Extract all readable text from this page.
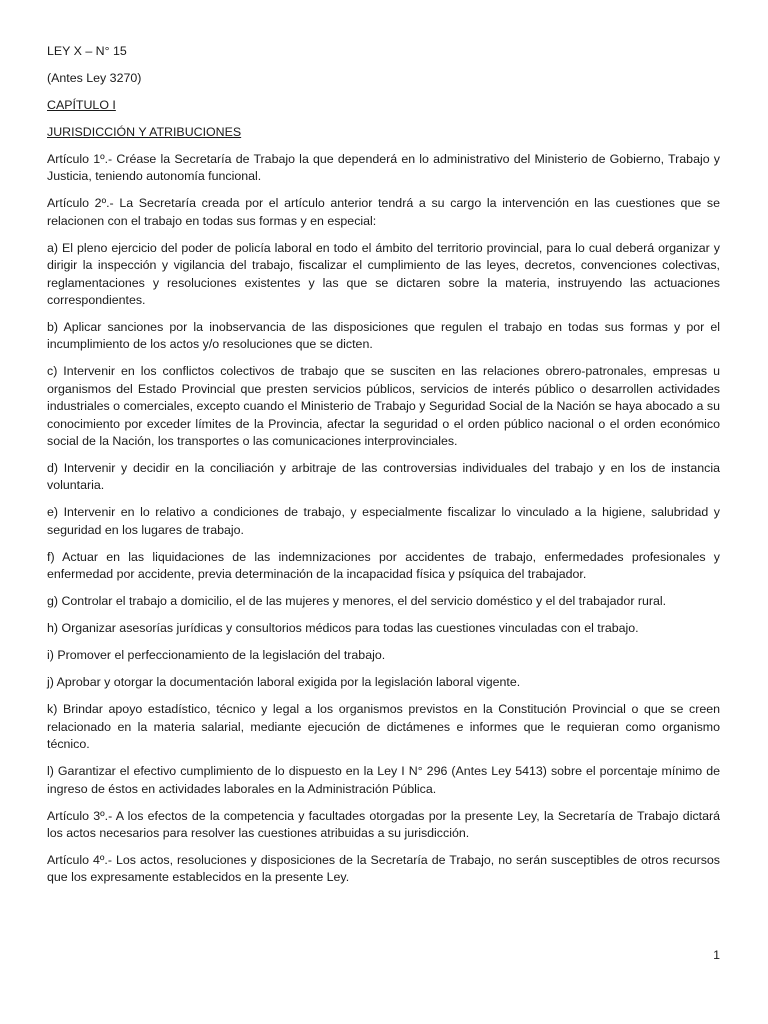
LEY X – N° 15
(Antes Ley 3270)
CAPÍTULO I
JURISDICCIÓN Y ATRIBUCIONES

Artículo 1º.- Créase la Secretaría de Trabajo la que dependerá en lo administrativo del Ministerio de Gobierno, Trabajo y Justicia, teniendo autonomía funcional.

Artículo 2º.- La Secretaría creada por el artículo anterior tendrá a su cargo la intervención en las cuestiones que se relacionen con el trabajo en todas sus formas y en especial:

a) El pleno ejercicio del poder de policía laboral en todo el ámbito del territorio provincial, para lo cual deberá organizar y dirigir la inspección y vigilancia del trabajo, fiscalizar el cumplimiento de las leyes, decretos, convenciones colectivas, reglamentaciones y resoluciones existentes y las que se dictaren sobre la materia, instruyendo las actuaciones correspondientes.

b) Aplicar sanciones por la inobservancia de las disposiciones que regulen el trabajo en todas sus formas y por el incumplimiento de los actos y/o resoluciones que se dicten.

c) Intervenir en los conflictos colectivos de trabajo que se susciten en las relaciones obrero-patronales, empresas u organismos del Estado Provincial que presten servicios públicos, servicios de interés público o desarrollen actividades industriales o comerciales, excepto cuando el Ministerio de Trabajo y Seguridad Social de la Nación se haya abocado a su conocimiento por exceder límites de la Provincia, afectar la seguridad o el orden público nacional o el orden económico social de la Nación, los transportes o las comunicaciones interprovinciales.

d) Intervenir y decidir en la conciliación y arbitraje de las controversias individuales del trabajo y en los de instancia voluntaria.

e) Intervenir en lo relativo a condiciones de trabajo, y especialmente fiscalizar lo vinculado a la higiene, salubridad y seguridad en los lugares de trabajo.

f) Actuar en las liquidaciones de las indemnizaciones por accidentes de trabajo, enfermedades profesionales y enfermedad por accidente, previa determinación de la incapacidad física y psíquica del trabajador.

g) Controlar el trabajo a domicilio, el de las mujeres y menores, el del servicio doméstico y el del trabajador rural.

h) Organizar asesorías jurídicas y consultorios médicos para todas las cuestiones vinculadas con el trabajo.

i) Promover el perfeccionamiento de la legislación del trabajo.

j) Aprobar y otorgar la documentación laboral exigida por la legislación laboral vigente.

k) Brindar apoyo estadístico, técnico y legal a los organismos previstos en la Constitución Provincial o que se creen relacionado en la materia salarial, mediante ejecución de dictámenes e informes que le requieran como organismo técnico.

l) Garantizar el efectivo cumplimiento de lo dispuesto en la Ley I N° 296 (Antes Ley 5413) sobre el porcentaje mínimo de ingreso de éstos en actividades laborales en la Administración Pública.

Artículo 3º.- A los efectos de la competencia y facultades otorgadas por la presente Ley, la Secretaría de Trabajo dictará los actos necesarios para resolver las cuestiones atribuidas a su jurisdicción.

Artículo 4º.- Los actos, resoluciones y disposiciones de la Secretaría de Trabajo, no serán susceptibles de otros recursos que los expresamente establecidos en la presente Ley.

1
